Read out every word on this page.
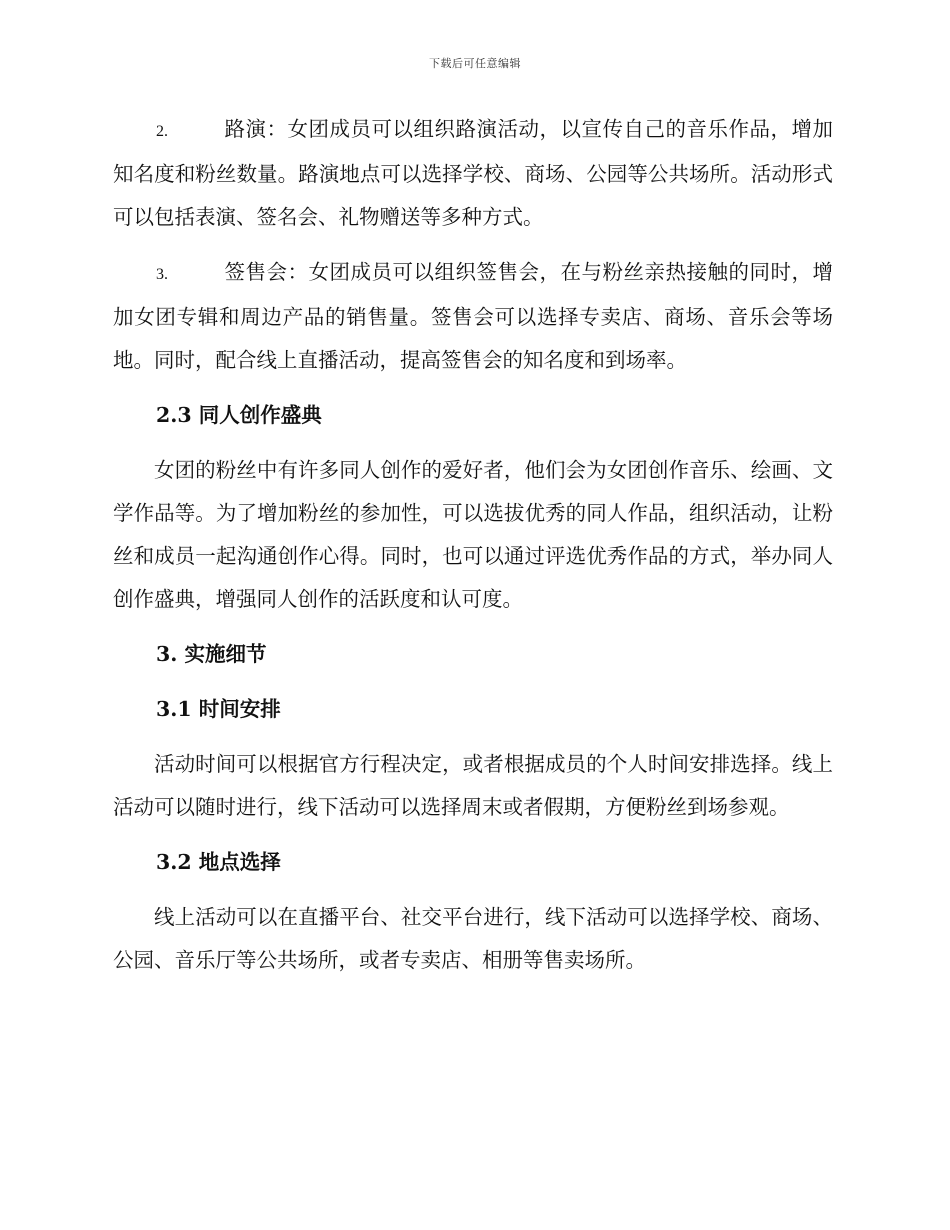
下载后可任意编辑

2.	路演：女团成员可以组织路演活动，以宣传自己的音乐作品，增加知名度和粉丝数量。路演地点可以选择学校、商场、公园等公共场所。活动形式可以包括表演、签名会、礼物赠送等多种方式。

3.	签售会：女团成员可以组织签售会，在与粉丝亲热接触的同时，增加女团专辑和周边产品的销售量。签售会可以选择专卖店、商场、音乐会等场地。同时，配合线上直播活动，提高签售会的知名度和到场率。

2.3 同人创作盛典

女团的粉丝中有许多同人创作的爱好者，他们会为女团创作音乐、绘画、文学作品等。为了增加粉丝的参加性，可以选拔优秀的同人作品，组织活动，让粉丝和成员一起沟通创作心得。同时，也可以通过评选优秀作品的方式，举办同人创作盛典，增强同人创作的活跃度和认可度。

3. 实施细节
3.1 时间安排

活动时间可以根据官方行程决定，或者根据成员的个人时间安排选择。线上活动可以随时进行，线下活动可以选择周末或者假期，方便粉丝到场参观。

3.2 地点选择

线上活动可以在直播平台、社交平台进行，线下活动可以选择学校、商场、公园、音乐厅等公共场所，或者专卖店、相册等售卖场所。
